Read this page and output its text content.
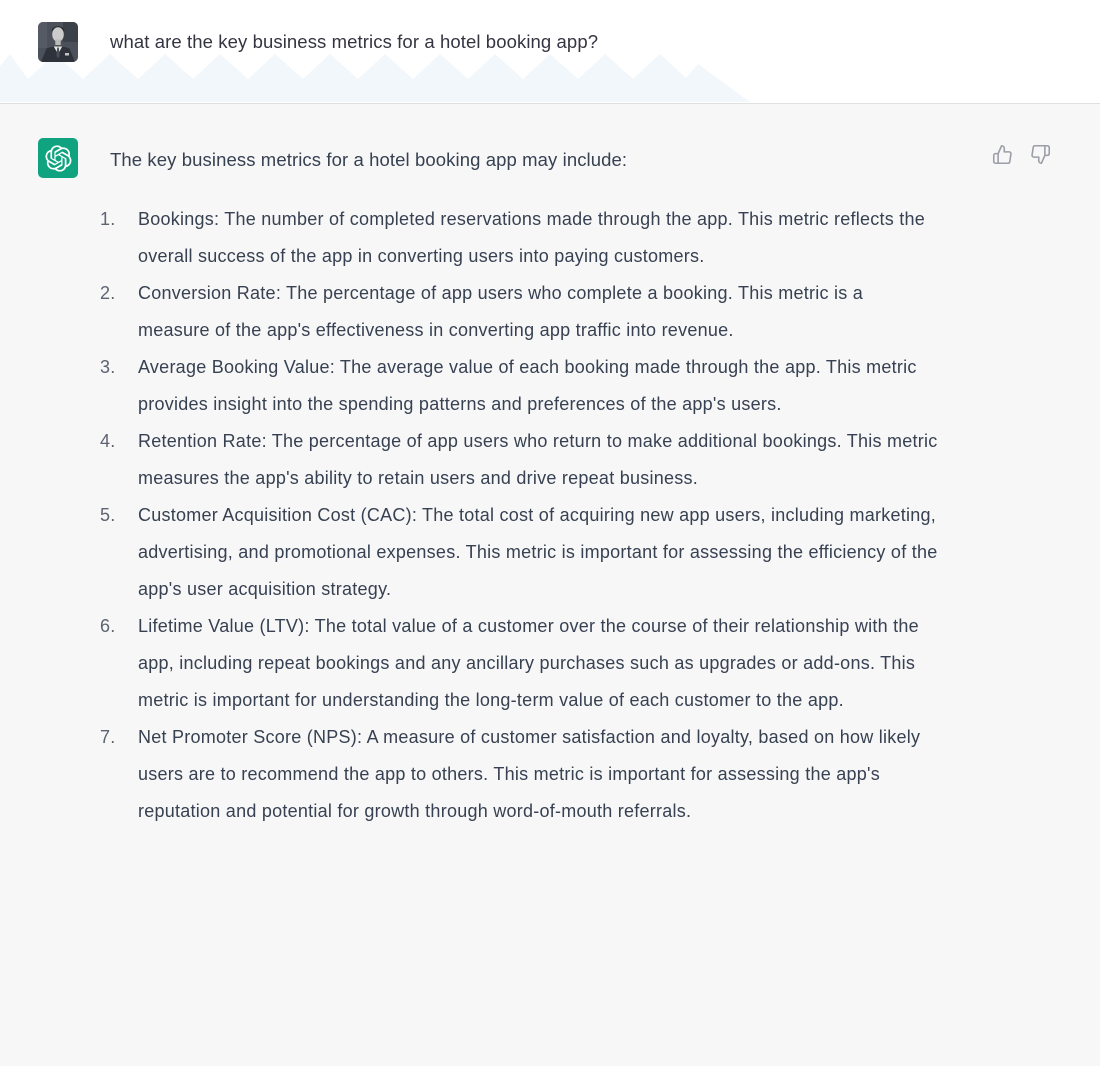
what are the key business metrics for a hotel booking app?
The key business metrics for a hotel booking app may include:
1.	Bookings: The number of completed reservations made through the app. This metric reflects the overall success of the app in converting users into paying customers.
2.	Conversion Rate: The percentage of app users who complete a booking. This metric is a measure of the app's effectiveness in converting app traffic into revenue.
3.	Average Booking Value: The average value of each booking made through the app. This metric provides insight into the spending patterns and preferences of the app's users.
4.	Retention Rate: The percentage of app users who return to make additional bookings. This metric measures the app's ability to retain users and drive repeat business.
5.	Customer Acquisition Cost (CAC): The total cost of acquiring new app users, including marketing, advertising, and promotional expenses. This metric is important for assessing the efficiency of the app's user acquisition strategy.
6.	Lifetime Value (LTV): The total value of a customer over the course of their relationship with the app, including repeat bookings and any ancillary purchases such as upgrades or add-ons. This metric is important for understanding the long-term value of each customer to the app.
7.	Net Promoter Score (NPS): A measure of customer satisfaction and loyalty, based on how likely users are to recommend the app to others. This metric is important for assessing the app's reputation and potential for growth through word-of-mouth referrals.
